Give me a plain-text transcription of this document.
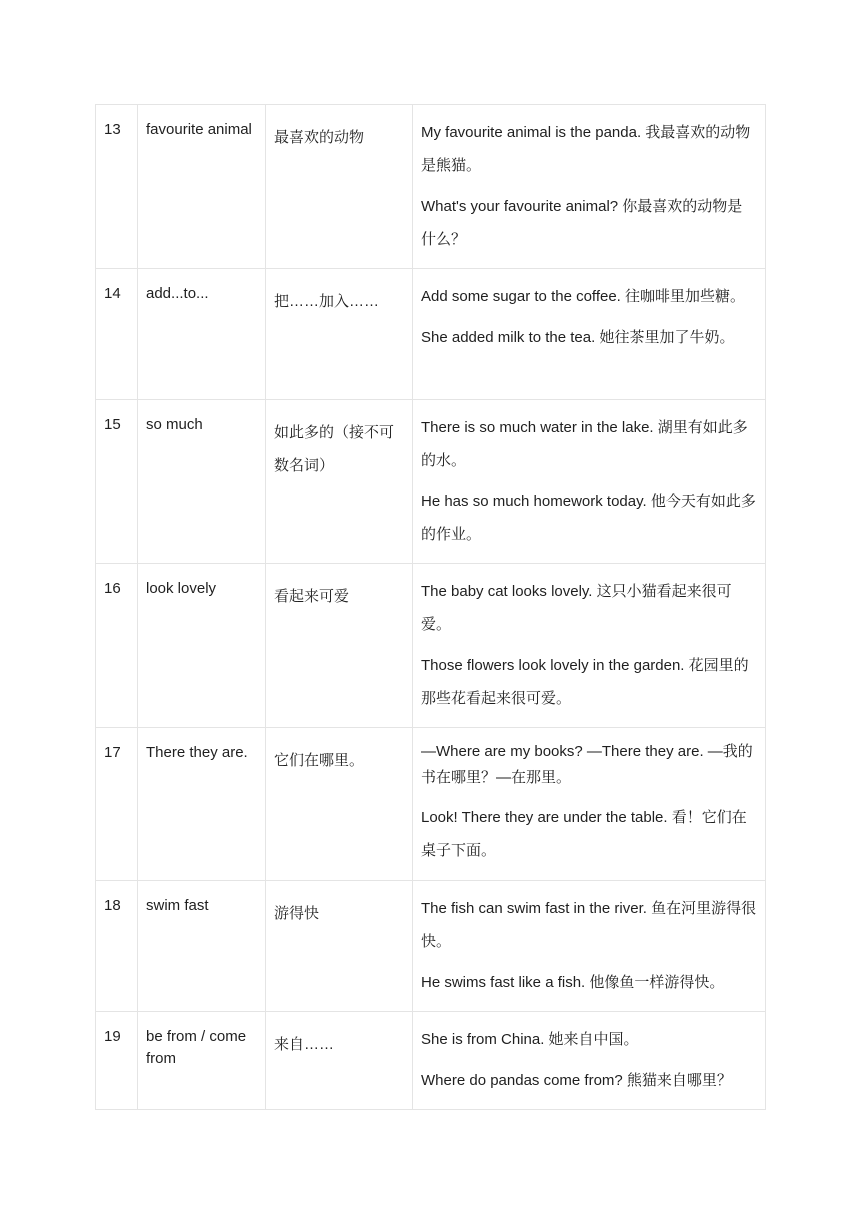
13	favourite animal	最喜欢的动物	My favourite animal is the panda. 我最喜欢的动物是熊猫。

What's your favourite animal? 你最喜欢的动物是什么？

14	add...to...	把……加入……	Add some sugar to the coffee. 往咖啡里加些糖。

She added milk to the tea. 她往茶里加了牛奶。

15	so much	如此多的（接不可数名词）	There is so much water in the lake. 湖里有如此多的水。

He has so much homework today. 他今天有如此多的作业。

16	look lovely	看起来可爱	The baby cat looks lovely. 这只小猫看起来很可爱。

Those flowers look lovely in the garden. 花园里的那些花看起来很可爱。

17	There they are.	它们在哪里。	—Where are my books? —There they are. —我的书在哪里？—在那里。

Look! There they are under the table. 看！它们在桌子下面。

18	swim fast	游得快	The fish can swim fast in the river. 鱼在河里游得很快。

He swims fast like a fish. 他像鱼一样游得快。

19	be from / come from	来自……	She is from China. 她来自中国。

Where do pandas come from? 熊猫来自哪里？
